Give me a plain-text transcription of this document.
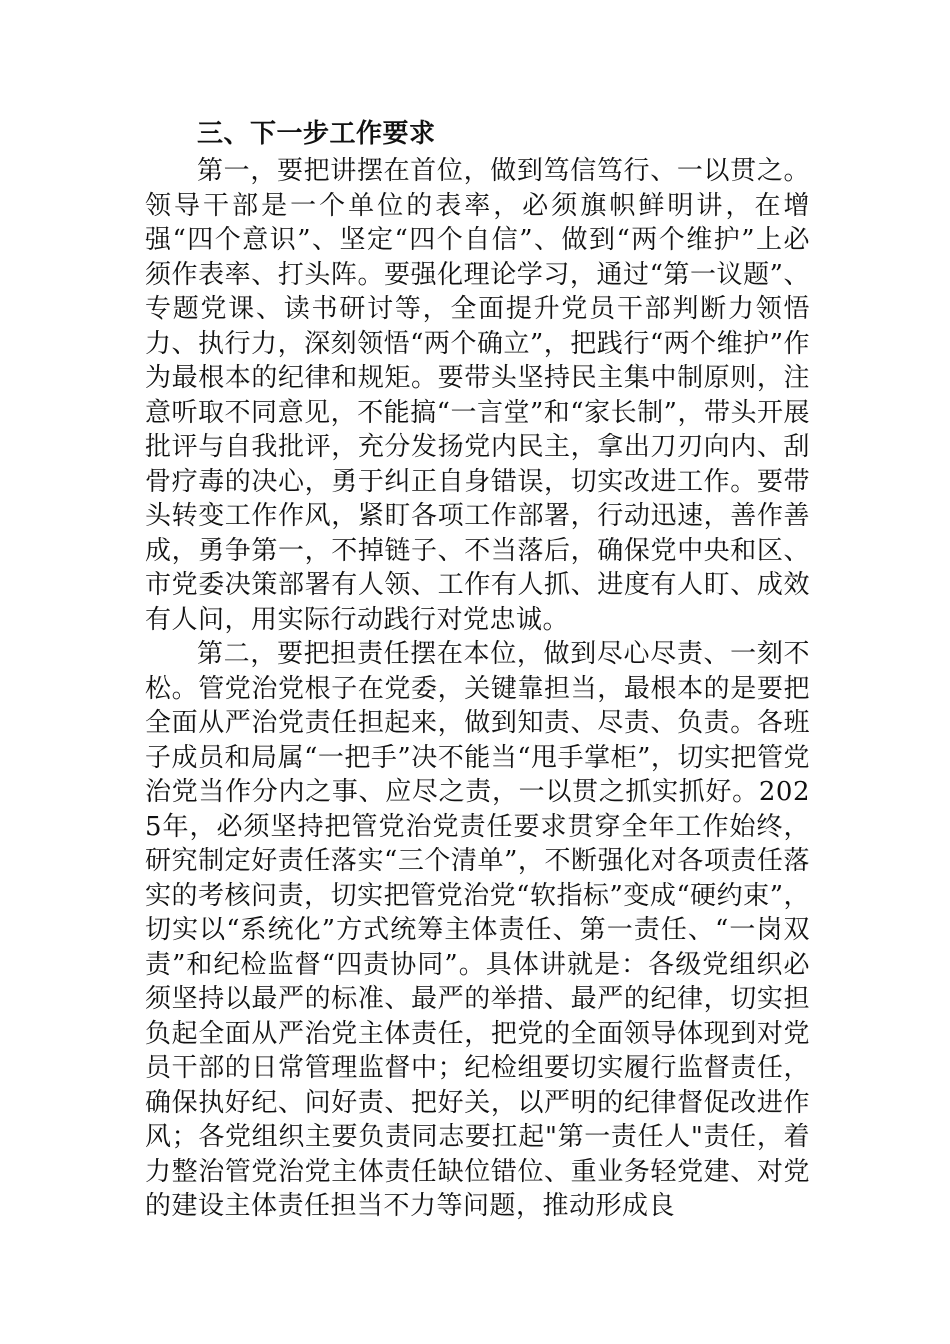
三、下一步工作要求

第一，要把讲摆在首位，做到笃信笃行、一以贯之。领导干部是一个单位的表率，必须旗帜鲜明讲，在增强“四个意识”、坚定“四个自信”、做到“两个维护”上必须作表率、打头阵。要强化理论学习，通过“第一议题”、专题党课、读书研讨等，全面提升党员干部判断力领悟力、执行力，深刻领悟“两个确立”，把践行“两个维护”作为最根本的纪律和规矩。要带头坚持民主集中制原则，注意听取不同意见，不能搞“一言堂”和“家长制”，带头开展批评与自我批评，充分发扬党内民主，拿出刀刃向内、刮骨疗毒的决心，勇于纠正自身错误，切实改进工作。要带头转变工作作风，紧盯各项工作部署，行动迅速，善作善成，勇争第一，不掉链子、不当落后，确保党中央和区、市党委决策部署有人领、工作有人抓、进度有人盯、成效有人问，用实际行动践行对党忠诚。

第二，要把担责任摆在本位，做到尽心尽责、一刻不松。管党治党根子在党委，关键靠担当，最根本的是要把全面从严治党责任担起来，做到知责、尽责、负责。各班子成员和局属“一把手”决不能当“甩手掌柜”，切实把管党治党当作分内之事、应尽之责，一以贯之抓实抓好。2025年，必须坚持把管党治党责任要求贯穿全年工作始终，研究制定好责任落实“三个清单”，不断强化对各项责任落实的考核问责，切实把管党治党“软指标”变成“硬约束”，切实以“系统化”方式统筹主体责任、第一责任、“一岗双责”和纪检监督“四责协同”。具体讲就是：各级党组织必须坚持以最严的标准、最严的举措、最严的纪律，切实担负起全面从严治党主体责任，把党的全面领导体现到对党员干部的日常管理监督中；纪检组要切实履行监督责任，确保执好纪、问好责、把好关，以严明的纪律督促改进作风；各党组织主要负责同志要扛起"第一责任人"责任，着力整治管党治党主体责任缺位错位、重业务轻党建、对党的建设主体责任担当不力等问题，推动形成良
